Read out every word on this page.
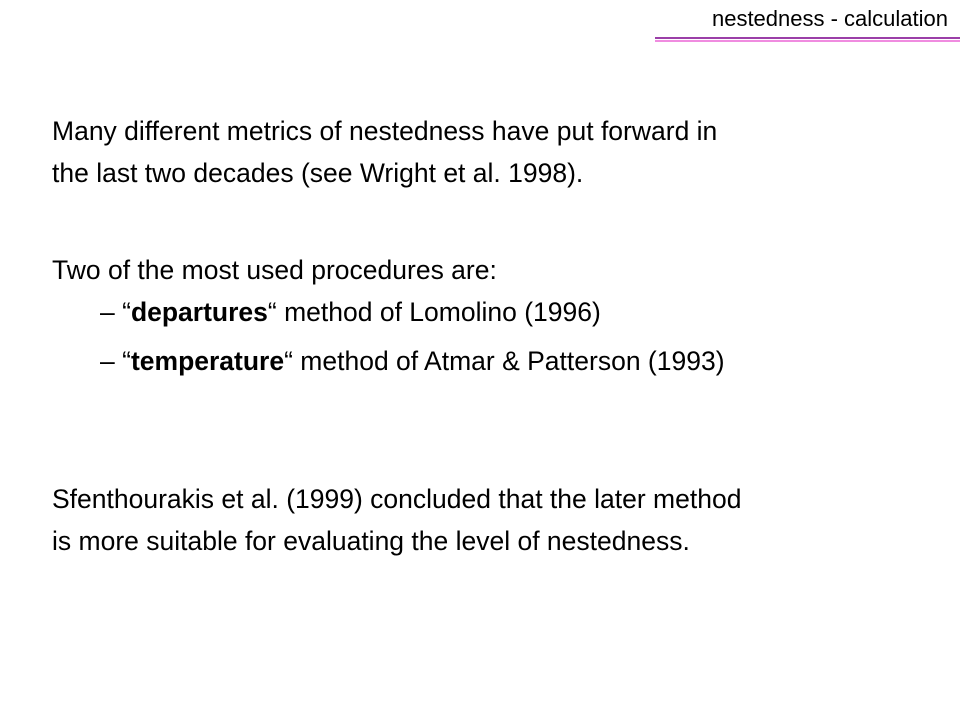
nestedness - calculation

Many different metrics of nestedness have put forward in
the last two decades (see Wright et al. 1998).

Two of the most used procedures are:

– “departures“ method of Lomolino (1996)

– “temperature“ method of Atmar & Patterson (1993)

Sfenthourakis et al. (1999) concluded that the later method
is more suitable for evaluating the level of nestedness.
